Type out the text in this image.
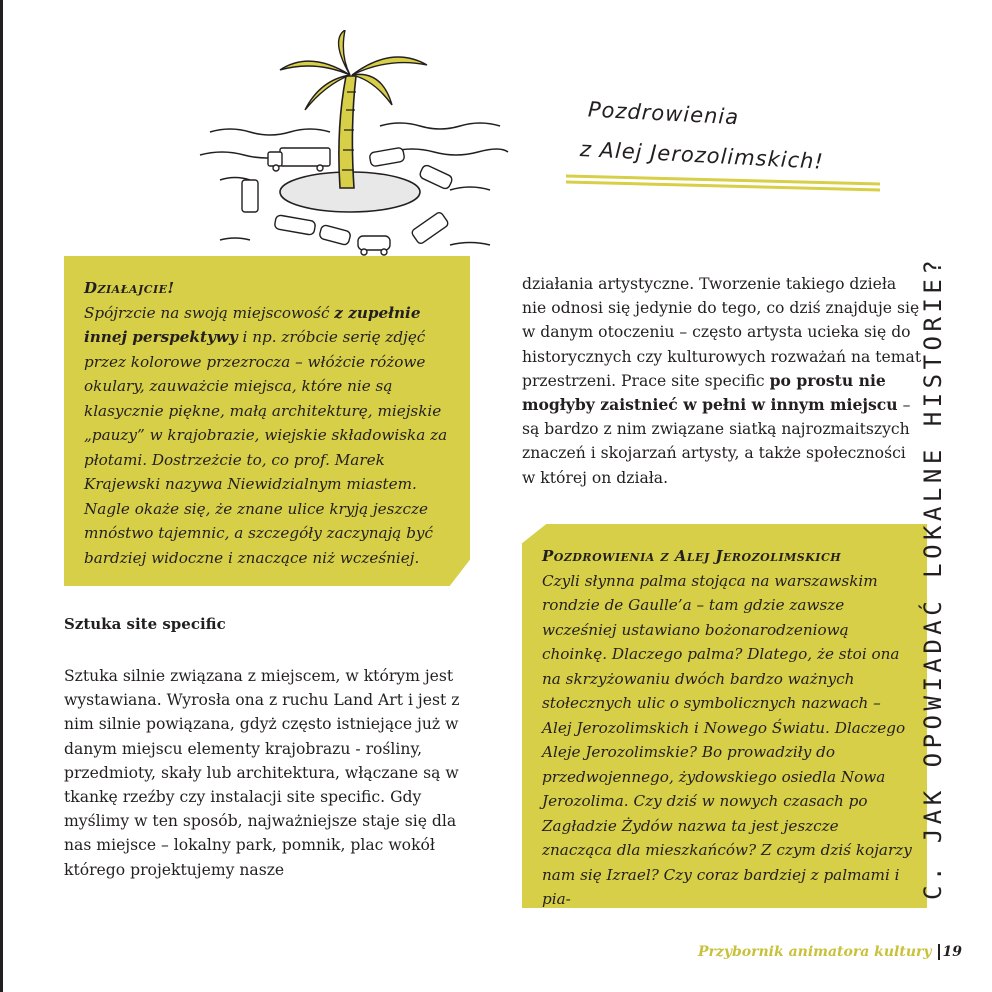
Pozdrowienia
z Alej Jerozolimskich!
Działajcie!
Spójrzcie na swoją miejscowość z zupełnie innej perspektywy i np. zróbcie serię zdjęć przez kolorowe przezrocza – włóżcie różowe okulary, zauważcie miejsca, które nie są klasycznie piękne, małą architekturę, miejskie „pauzy” w krajobrazie, wiejskie składowiska za płotami. Dostrzeżcie to, co prof. Marek Krajewski nazywa Niewidzialnym miastem. Nagle okaże się, że znane ulice kryją jeszcze mnóstwo tajemnic, a szczegóły zaczynają być bardziej widoczne i znaczące niż wcześniej.
działania artystyczne. Tworzenie takiego dzieła nie odnosi się jedynie do tego, co dziś znajduje się w danym otoczeniu – często artysta ucieka się do historycznych czy kulturowych rozważań na temat przestrzeni. Prace site specific po prostu nie mogłyby zaistnieć w pełni w innym miejscu – są bardzo z nim związane siatką najrozmaitszych znaczeń i skojarzań artysty, a także społeczności w której on działa.
Sztuka site specific
Sztuka silnie związana z miejscem, w którym jest wystawiana. Wyrosła ona z ruchu Land Art i jest z nim silnie powiązana, gdyż często istniejące już w danym miejscu elementy krajobrazu - rośliny, przedmioty, skały lub architektura, włączane są w tkankę rzeźby czy instalacji site specific. Gdy myślimy w ten sposób, najważniejsze staje się dla nas miejsce – lokalny park, pomnik, plac wokół którego projektujemy nasze
Pozdrowienia z Alej Jerozolimskich
Czyli słynna palma stojąca na warszawskim rondzie de Gaulle’a – tam gdzie zawsze wcześniej ustawiano bożonarodzeniową choinkę. Dlaczego palma? Dlatego, że stoi ona na skrzyżowaniu dwóch bardzo ważnych stołecznych ulic o symbolicznych nazwach – Alej Jerozolimskich i Nowego Światu. Dlaczego Aleje Jerozolimskie? Bo prowadziły do przedwojennego, żydowskiego osiedla Nowa Jerozolima. Czy dziś w nowych czasach po Zagładzie Żydów nazwa ta jest jeszcze znacząca dla mieszkańców? Z czym dziś kojarzy nam się Izrael? Czy coraz bardziej z palmami i pia-	C. JAK OPOWIADAĆ LOKALNE HISTORIE?
Przybornik animatora kultury 19
